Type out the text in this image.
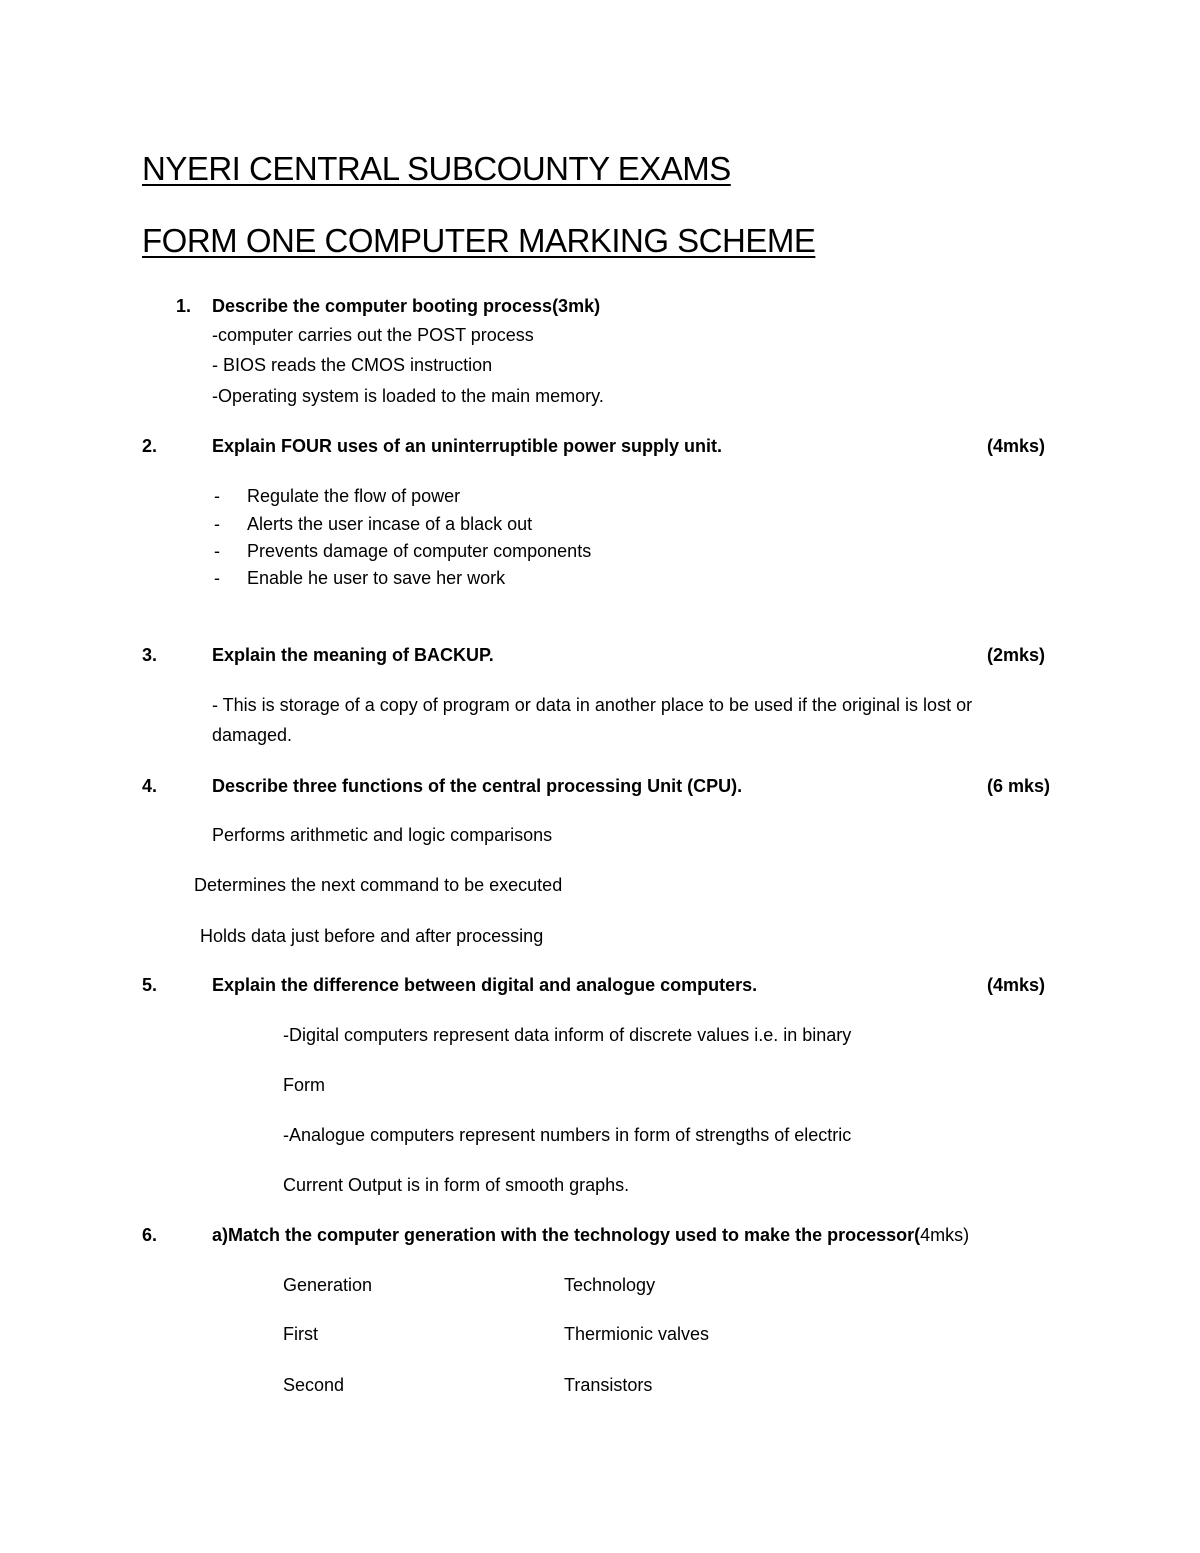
NYERI CENTRAL SUBCOUNTY EXAMS
FORM ONE COMPUTER MARKING SCHEME
1. Describe the computer booting process(3mk)
-computer carries out the POST process
- BIOS reads the CMOS instruction
-Operating system is loaded to the main memory.
2.	Explain FOUR uses of an uninterruptible power supply unit.	(4mks)
- Regulate the flow of power
- Alerts the user incase of a black out
- Prevents damage of computer components
- Enable he user to save her work
3.	Explain the meaning of BACKUP.	(2mks)
- This is storage of a copy of program or data in another place to be used if the original is lost or
damaged.
4.	Describe three functions of the central processing Unit (CPU).	(6 mks)
Performs arithmetic and logic comparisons
Determines the next command to be executed
Holds data just before and after processing
5.	Explain the difference between digital and analogue computers.	(4mks)
-Digital computers represent data inform of discrete values i.e. in binary
Form
-Analogue computers represent numbers in form of strengths of electric
Current Output is in form of smooth graphs.
6.	a)Match the computer generation with the technology used to make the processor(4mks)
Generation	Technology
First	Thermionic valves
Second	Transistors
